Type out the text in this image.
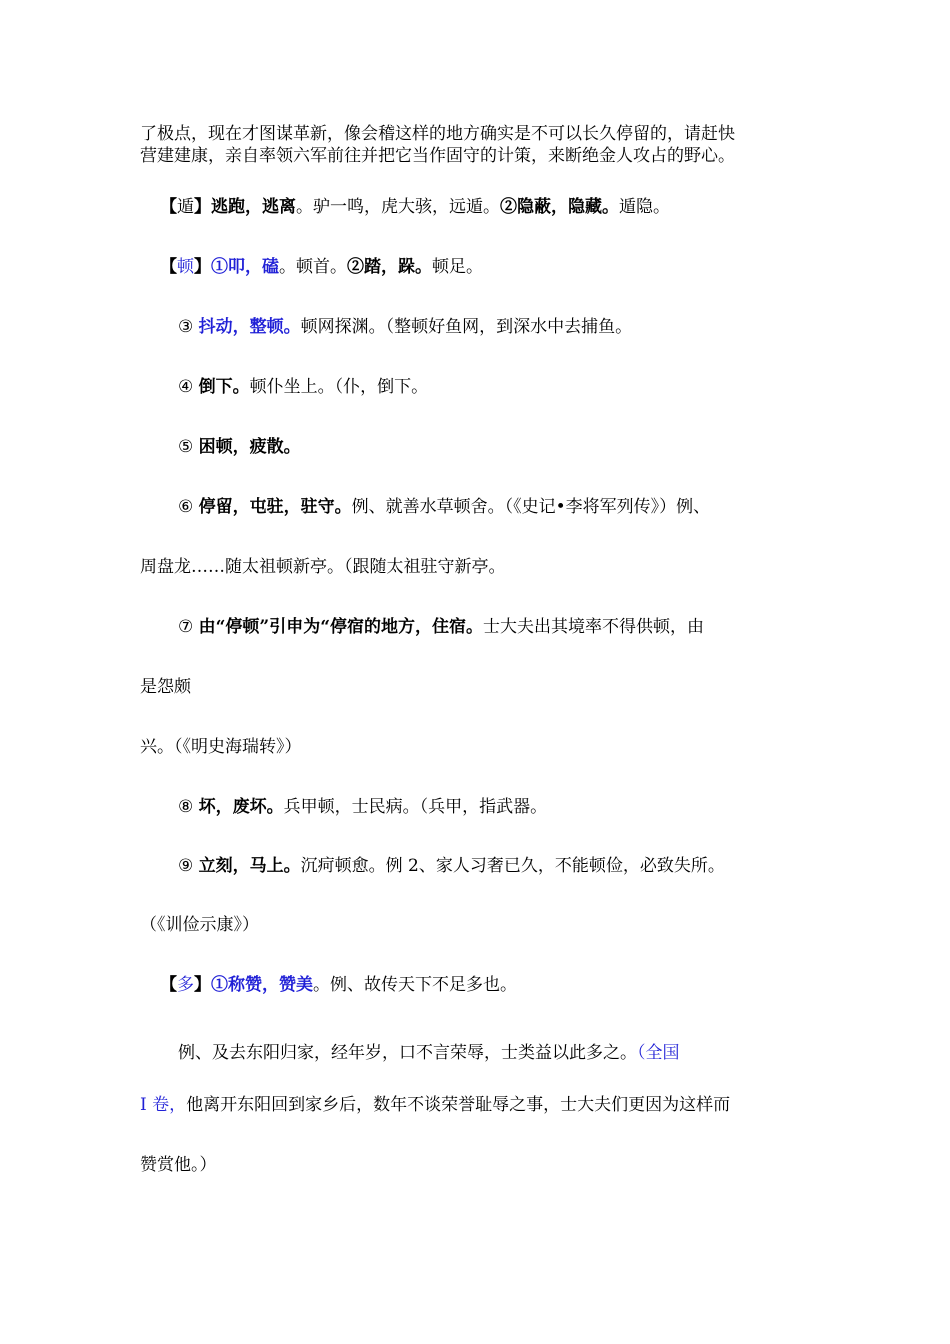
了极点，现在才图谋革新，像会稽这样的地方确实是不可以长久停留的，请赶快
营建建康，亲自率领六军前往并把它当作固守的计策，来断绝金人攻占的野心。
【遁】逃跑，逃离。驴一鸣，虎大骇，远遁。②隐蔽，隐藏。遁隐。
【顿】①叩，磕。顿首。②踏，跺。顿足。
③ 抖动，整顿。顿网探渊。（整顿好鱼网，到深水中去捕鱼。
④ 倒下。顿仆坐上。（仆，倒下。
⑤ 困顿，疲散。
⑥ 停留，屯驻，驻守。例、就善水草顿舍。（《史记•李将军列传》）例、
周盘龙……随太祖顿新亭。（跟随太祖驻守新亭。
⑦ 由“停顿”引申为“停宿的地方，住宿。士大夫出其境率不得供顿，由
是怨颇
兴。（《明史海瑞转》）
⑧ 坏，废坏。兵甲顿，士民病。（兵甲，指武器。
⑨ 立刻，马上。沉疴顿愈。例 2、家人习奢已久，不能顿俭，必致失所。
（《训俭示康》）
【多】①称赞，赞美。例、故传天下不足多也。
例、及去东阳归家，经年岁，口不言荣辱，士类益以此多之。（全国
I 卷，他离开东阳回到家乡后，数年不谈荣誉耻辱之事，士大夫们更因为这样而
赞赏他。）
